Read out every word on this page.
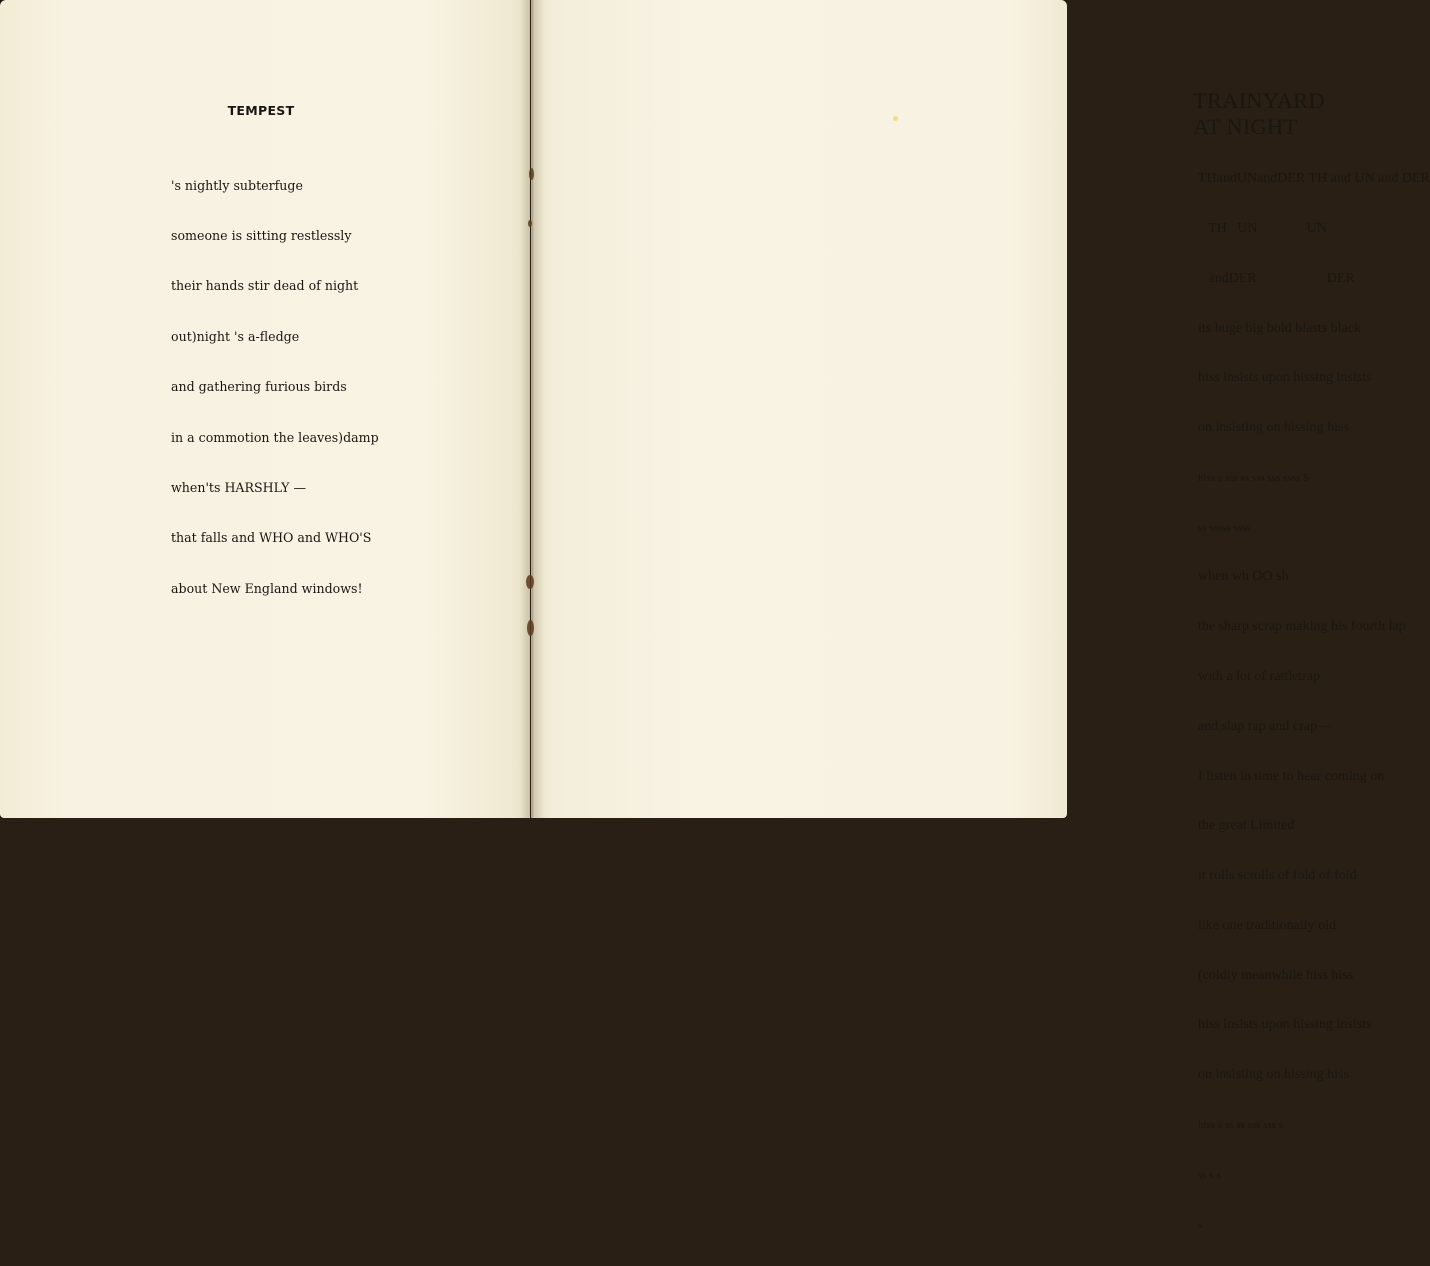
TEMPEST

's nightly subterfuge

someone is sitting restlessly

their hands stir dead of night

out)night 's a-fledge

and gathering furious birds

in a commotion the leaves)damp

when'ts HARSHLY —

that falls and WHO and WHO'S

about New England windows!

TRAINYARD AT NIGHT

THandUNandDER TH and UN and DER

TH   UN              UN

andDER                    DER

its huge big bold blasts black

hiss insists upon hissing insists

on insisting on hissing hiss

hiss s sss ss sss sss ssss S

ss sssss ssss

when wh OO sh

the sharp scrap making his fourth lap

with a lot of rattletrap

and slap rap and crap—

I listen in time to hear coming on

the great Limited

it rolls scrolls of fold of fold

like one traditionally old

(coldly meanwhile hiss hiss

hiss insists upon hissing insists

on insisting on hissing hiss

hiss s ss ss sss sss s

ss s s

s
